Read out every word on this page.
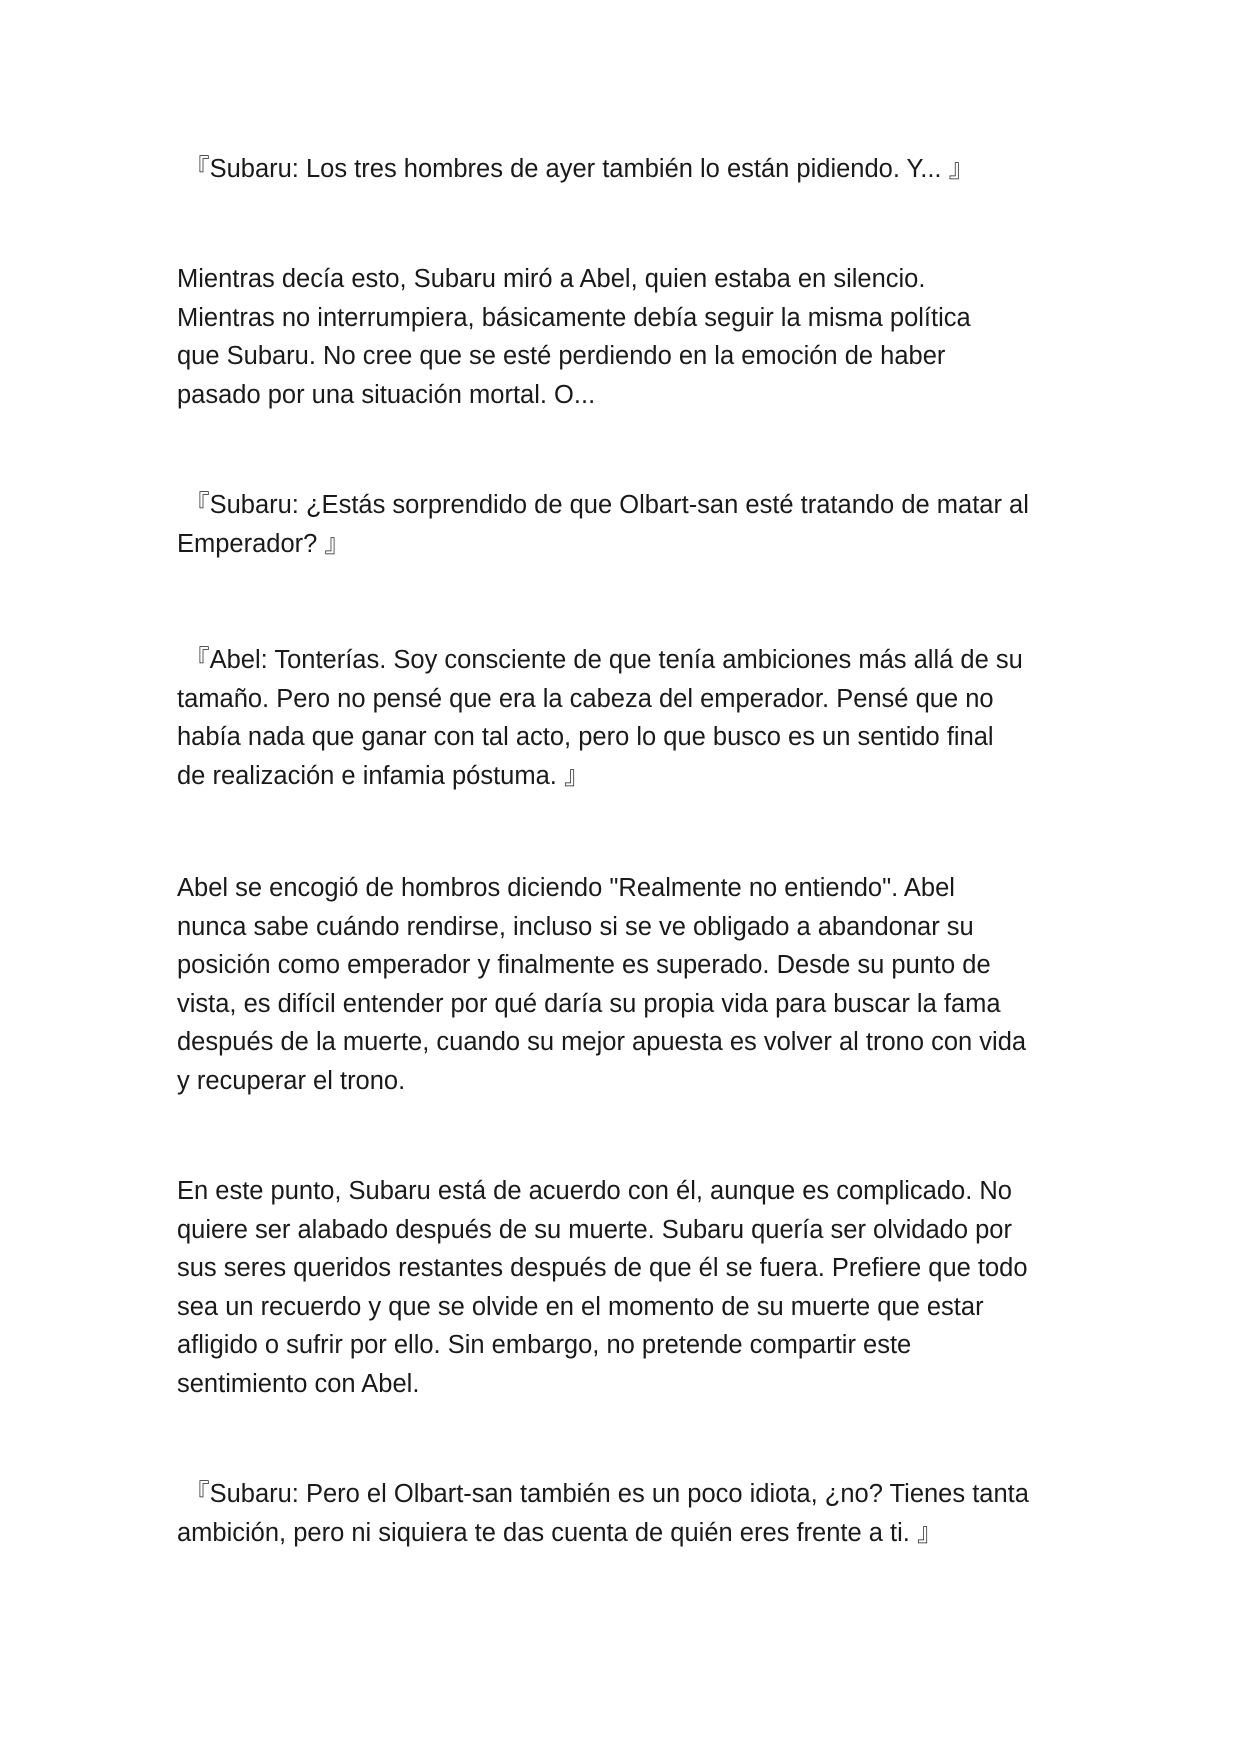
『Subaru: Los tres hombres de ayer también lo están pidiendo. Y... 』

Mientras decía esto, Subaru miró a Abel, quien estaba en silencio.
Mientras no interrumpiera, básicamente debía seguir la misma política
que Subaru. No cree que se esté perdiendo en la emoción de haber
pasado por una situación mortal. O...

『Subaru: ¿Estás sorprendido de que Olbart-san esté tratando de matar al
Emperador? 』

『Abel: Tonterías. Soy consciente de que tenía ambiciones más allá de su
tamaño. Pero no pensé que era la cabeza del emperador. Pensé que no
había nada que ganar con tal acto, pero lo que busco es un sentido final
de realización e infamia póstuma. 』

Abel se encogió de hombros diciendo "Realmente no entiendo". Abel
nunca sabe cuándo rendirse, incluso si se ve obligado a abandonar su
posición como emperador y finalmente es superado. Desde su punto de
vista, es difícil entender por qué daría su propia vida para buscar la fama
después de la muerte, cuando su mejor apuesta es volver al trono con vida
y recuperar el trono.

En este punto, Subaru está de acuerdo con él, aunque es complicado. No
quiere ser alabado después de su muerte. Subaru quería ser olvidado por
sus seres queridos restantes después de que él se fuera. Prefiere que todo
sea un recuerdo y que se olvide en el momento de su muerte que estar
afligido o sufrir por ello. Sin embargo, no pretende compartir este
sentimiento con Abel.

『Subaru: Pero el Olbart-san también es un poco idiota, ¿no? Tienes tanta
ambición, pero ni siquiera te das cuenta de quién eres frente a ti. 』
